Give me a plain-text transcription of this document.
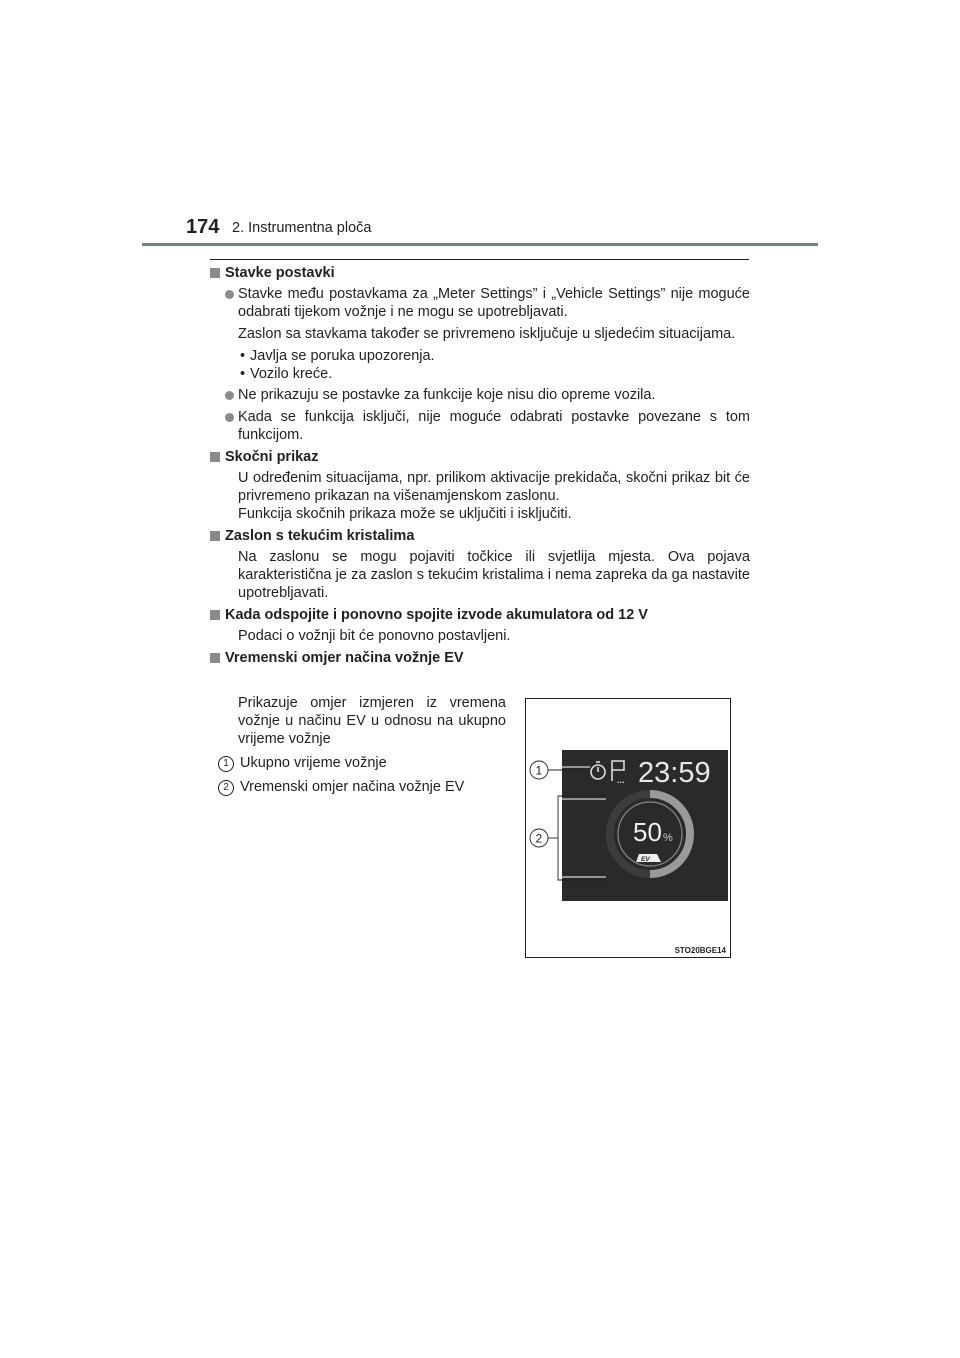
174 2. Instrumentna ploča
Stavke postavki
Stavke među postavkama za „Meter Settings” i „Vehicle Settings” nije moguće odabrati tijekom vožnje i ne mogu se upotrebljavati.
Zaslon sa stavkama također se privremeno isključuje u sljedećim situacijama.
• Javlja se poruka upozorenja.
• Vozilo kreće.
Ne prikazuju se postavke za funkcije koje nisu dio opreme vozila.
Kada se funkcija isključi, nije moguće odabrati postavke povezane s tom funkcijom.
Skočni prikaz
U određenim situacijama, npr. prilikom aktivacije prekidača, skočni prikaz bit će privremeno prikazan na višenamjenskom zaslonu.
Funkcija skočnih prikaza može se uključiti i isključiti.
Zaslon s tekućim kristalima
Na zaslonu se mogu pojaviti točkice ili svjetlija mjesta. Ova pojava karakteristična je za zaslon s tekućim kristalima i nema zapreka da ga nastavite upotrebljavati.
Kada odspojite i ponovno spojite izvode akumulatora od 12 V
Podaci o vožnji bit će ponovno postavljeni.
Vremenski omjer načina vožnje EV
Prikazuje omjer izmjeren iz vremena vožnje u načinu EV u odnosu na ukupno vrijeme vožnje
1 Ukupno vrijeme vožnje
2 Vremenski omjer načina vožnje EV	... 23:59
50 %
EV
1
2
STO20BGE14
